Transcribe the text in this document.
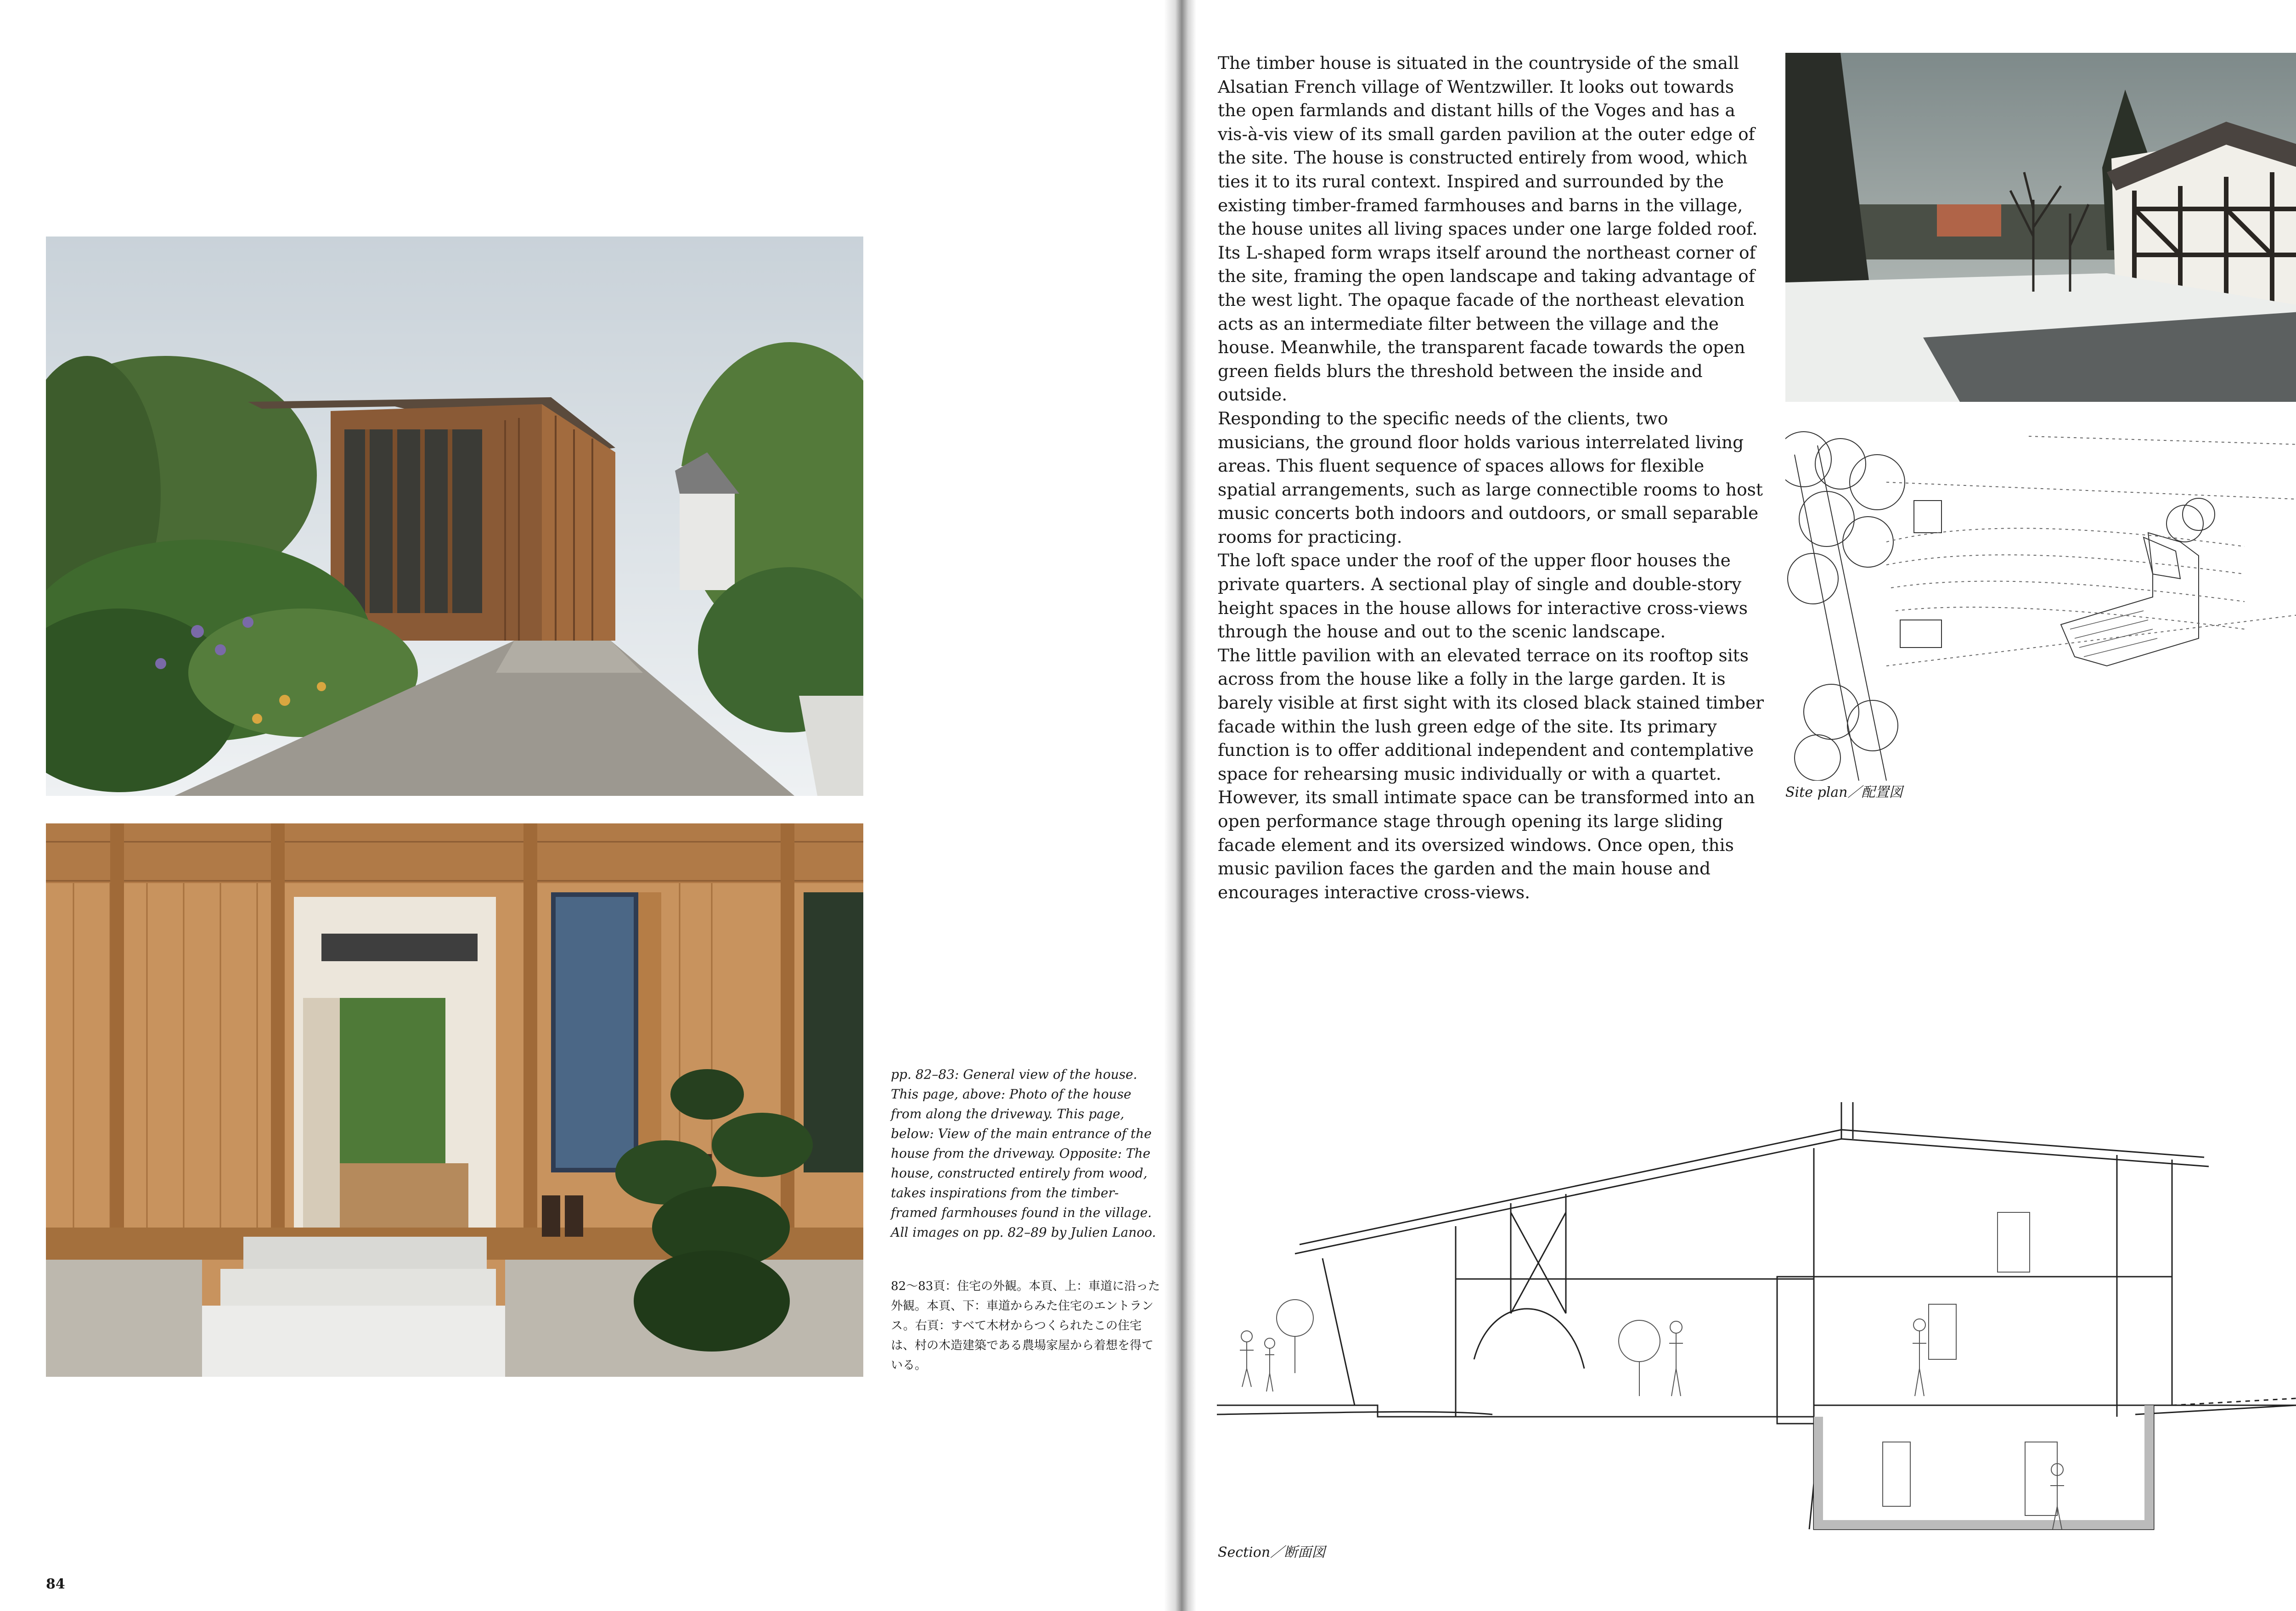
pp. 82–83: General view of the house. This page, above: Photo of the house from along the driveway. This page, below: View of the main entrance of the house from the driveway. Opposite: The house, constructed entirely from wood, takes inspirations from the timber-framed farmhouses found in the village. All images on pp. 82–89 by Julien Lanoo.
82～83頁：住宅の外観。本頁、上：車道に沿った外観。本頁、下：車道からみた住宅のエントランス。右頁：すべて木材からつくられたこの住宅は、村の木造建築である農場家屋から着想を得ている。
84

The timber house is situated in the countryside of the small Alsatian French village of Wentzwiller. It looks out towards the open farmlands and distant hills of the Voges and has a vis-à-vis view of its small garden pavilion at the outer edge of the site. The house is constructed entirely from wood, which ties it to its rural context. Inspired and surrounded by the existing timber-framed farmhouses and barns in the village, the house unites all living spaces under one large folded roof.

Its L-shaped form wraps itself around the northeast corner of the site, framing the open landscape and taking advantage of the west light. The opaque facade of the northeast elevation acts as an intermediate filter between the village and the house. Meanwhile, the transparent facade towards the open green fields blurs the threshold between the inside and outside.

Responding to the specific needs of the clients, two musicians, the ground floor holds various interrelated living areas. This fluent sequence of spaces allows for flexible spatial arrangements, such as large connectible rooms to host music concerts both indoors and outdoors, or small separable rooms for practicing.

The loft space under the roof of the upper floor houses the private quarters. A sectional play of single and double-story height spaces in the house allows for interactive cross-views through the house and out to the scenic landscape.

The little pavilion with an elevated terrace on its rooftop sits across from the house like a folly in the large garden. It is barely visible at first sight with its closed black stained timber facade within the lush green edge of the site. Its primary function is to offer additional independent and contemplative space for rehearsing music individually or with a quartet. However, its small intimate space can be transformed into an open performance stage through opening its large sliding facade element and its oversized windows. Once open, this music pavilion faces the garden and the main house and encourages interactive cross-views.

Site plan／配置図
Section／断面図
